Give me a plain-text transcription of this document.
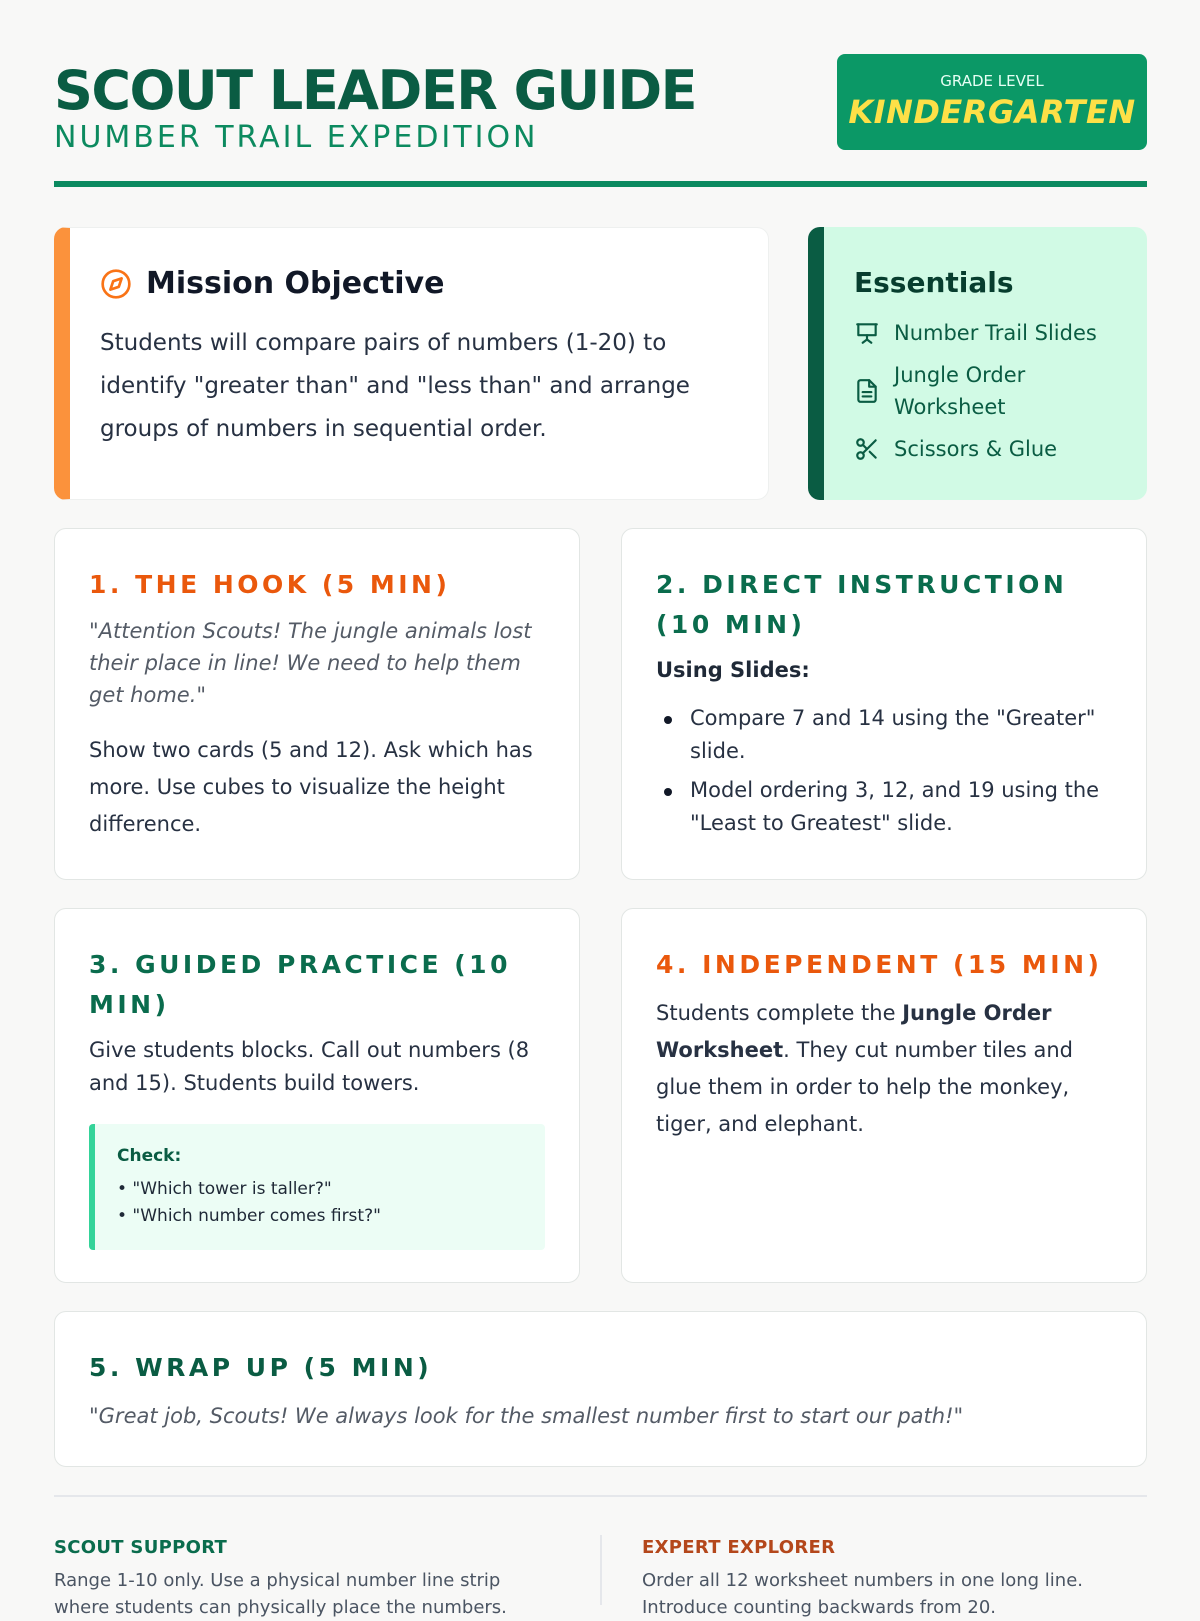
SCOUT LEADER GUIDE
NUMBER TRAIL EXPEDITION
GRADE LEVEL
KINDERGARTEN
Mission Objective
Students will compare pairs of numbers (1-20) to identify "greater than" and "less than" and arrange groups of numbers in sequential order.
Essentials
Number Trail Slides
Jungle Order Worksheet
Scissors & Glue
1. THE HOOK (5 MIN)
"Attention Scouts! The jungle animals lost their place in line! We need to help them get home."
Show two cards (5 and 12). Ask which has more. Use cubes to visualize the height difference.
2. DIRECT INSTRUCTION (10 MIN)
Using Slides:
Compare 7 and 14 using the "Greater" slide.
Model ordering 3, 12, and 19 using the "Least to Greatest" slide.
3. GUIDED PRACTICE (10 MIN)
Give students blocks. Call out numbers (8 and 15). Students build towers.
Check:
• "Which tower is taller?"
• "Which number comes first?"
4. INDEPENDENT (15 MIN)
Students complete the Jungle Order Worksheet. They cut number tiles and glue them in order to help the monkey, tiger, and elephant.
5. WRAP UP (5 MIN)
"Great job, Scouts! We always look for the smallest number first to start our path!"
SCOUT SUPPORT
Range 1-10 only. Use a physical number line strip where students can physically place the numbers.
EXPERT EXPLORER
Order all 12 worksheet numbers in one long line. Introduce counting backwards from 20.
